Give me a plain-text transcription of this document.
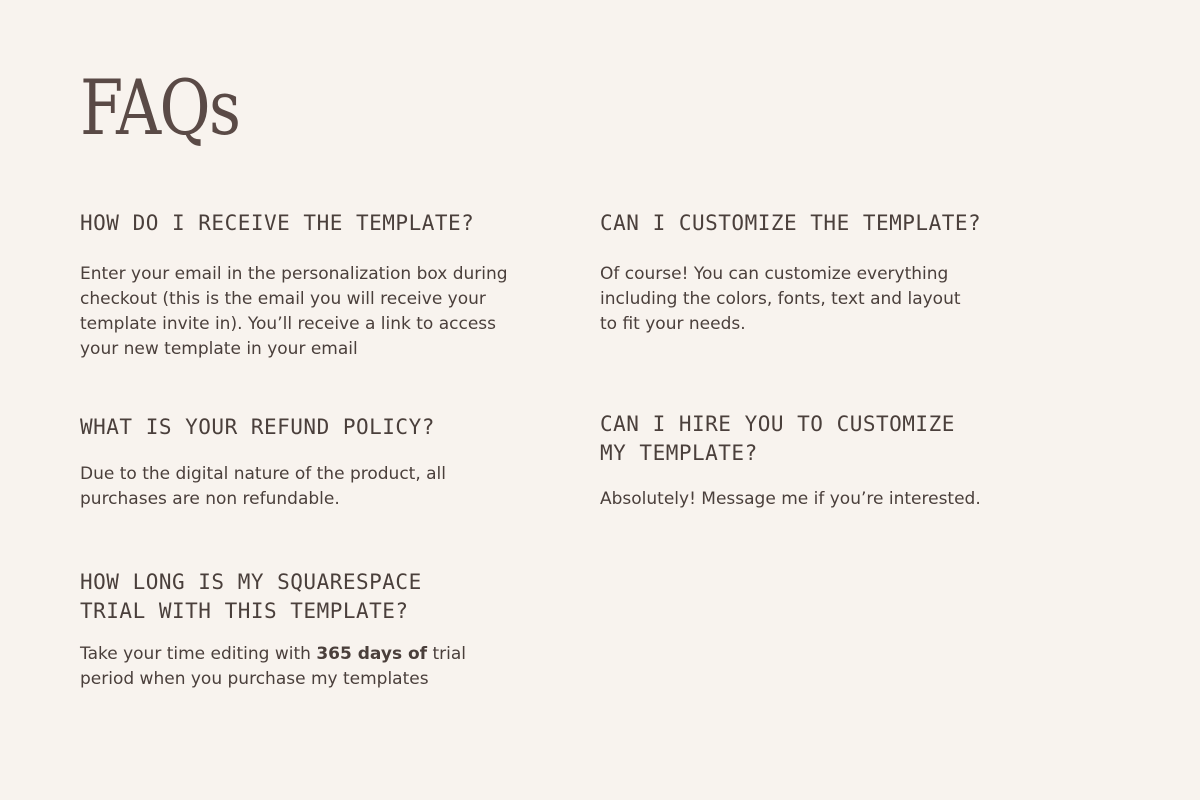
FAQs
HOW DO I RECEIVE THE TEMPLATE?

Enter your email in the personalization box during checkout (this is the email you will receive your template invite in). You’ll receive a link to access your new template in your email

CAN I CUSTOMIZE THE TEMPLATE?

Of course! You can customize everything including the colors, fonts, text and layout to fit your needs.

WHAT IS YOUR REFUND POLICY?

Due to the digital nature of the product, all purchases are non refundable.

CAN I HIRE YOU TO CUSTOMIZE
MY TEMPLATE?

Absolutely! Message me if you’re interested.

HOW LONG IS MY SQUARESPACE
TRIAL WITH THIS TEMPLATE?

Take your time editing with 365 days of trial period when you purchase my templates
